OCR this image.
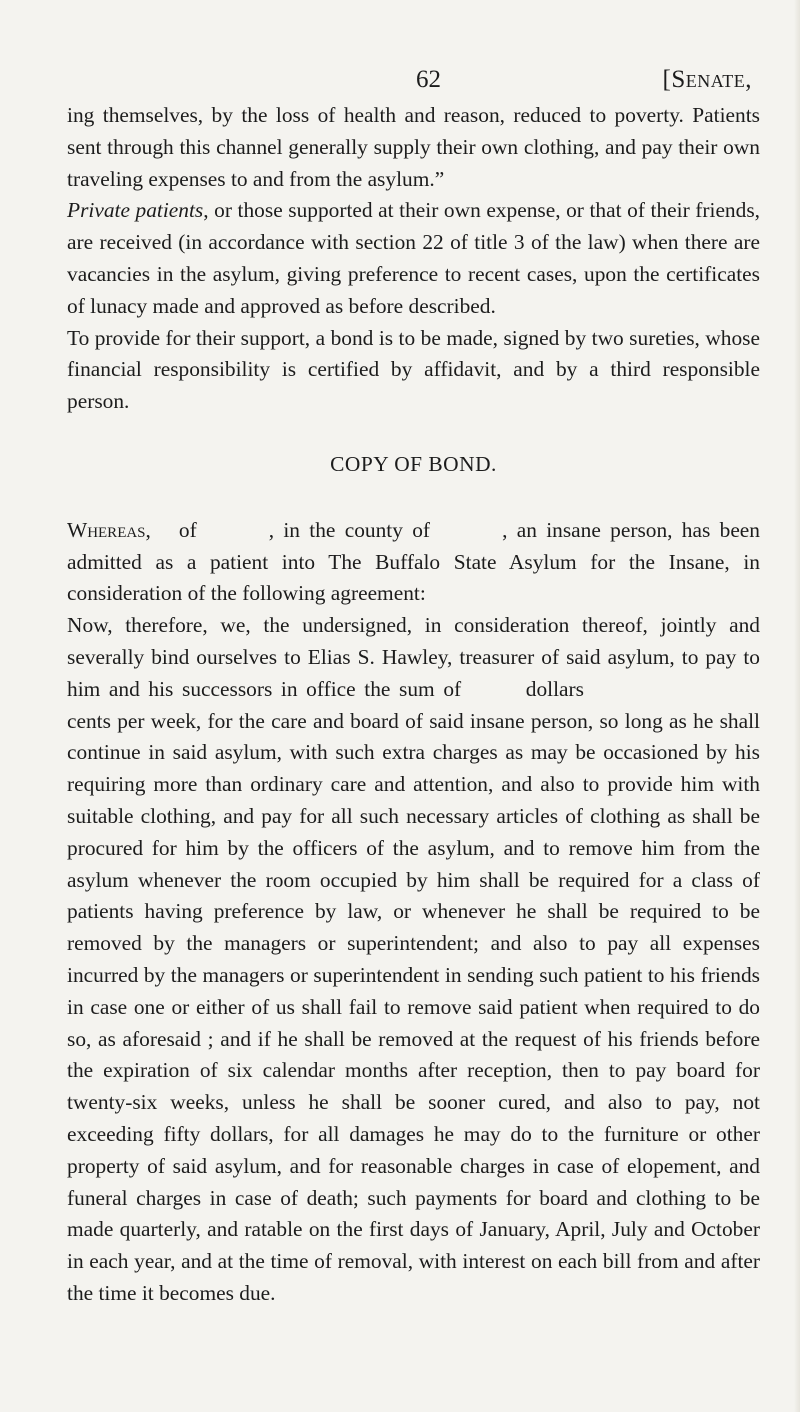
62	[Senate,

ing themselves, by the loss of health and reason, reduced to poverty. Patients sent through this channel generally supply their own clothing, and pay their own traveling expenses to and from the asylum.”

Private patients, or those supported at their own expense, or that of their friends, are received (in accordance with section 22 of title 3 of the law) when there are vacancies in the asylum, giving preference to recent cases, upon the certificates of lunacy made and approved as before described.

To provide for their support, a bond is to be made, signed by two sureties, whose financial responsibility is certified by affidavit, and by a third responsible person.

COPY OF BOND.

Whereas, of	, in the county of	, an insane person, has been admitted as a patient into The Buffalo State Asylum for the Insane, in consideration of the following agreement:

Now, therefore, we, the undersigned, in consideration thereof, jointly and severally bind ourselves to Elias S. Hawley, treasurer of said asylum, to pay to him and his successors in office the sum of	dollarscents per week, for the care and board of said insane person, so long as he shall continue in said asylum, with such extra charges as may be occasioned by his requiring more than ordinary care and attention, and also to provide him with suitable clothing, and pay for all such necessary articles of clothing as shall be procured for him by the officers of the asylum, and to remove him from the asylum whenever the room occupied by him shall be required for a class of patients having preference by law, or whenever he shall be required to be removed by the managers or superintendent; and also to pay all expenses incurred by the managers or superintendent in sending such patient to his friends in case one or either of us shall fail to remove said patient when required to do so, as aforesaid ; and if he shall be removed at the request of his friends before the expiration of six calendar months after reception, then to pay board for twenty-six weeks, unless he shall be sooner cured, and also to pay, not exceeding fifty dollars, for all damages he may do to the furniture or other property of said asylum, and for reasonable charges in case of elopement, and funeral charges in case of death; such payments for board and clothing to be made quarterly, and ratable on the first days of January, April, July and October in each year, and at the time of removal, with interest on each bill from and after the time it becomes due.
